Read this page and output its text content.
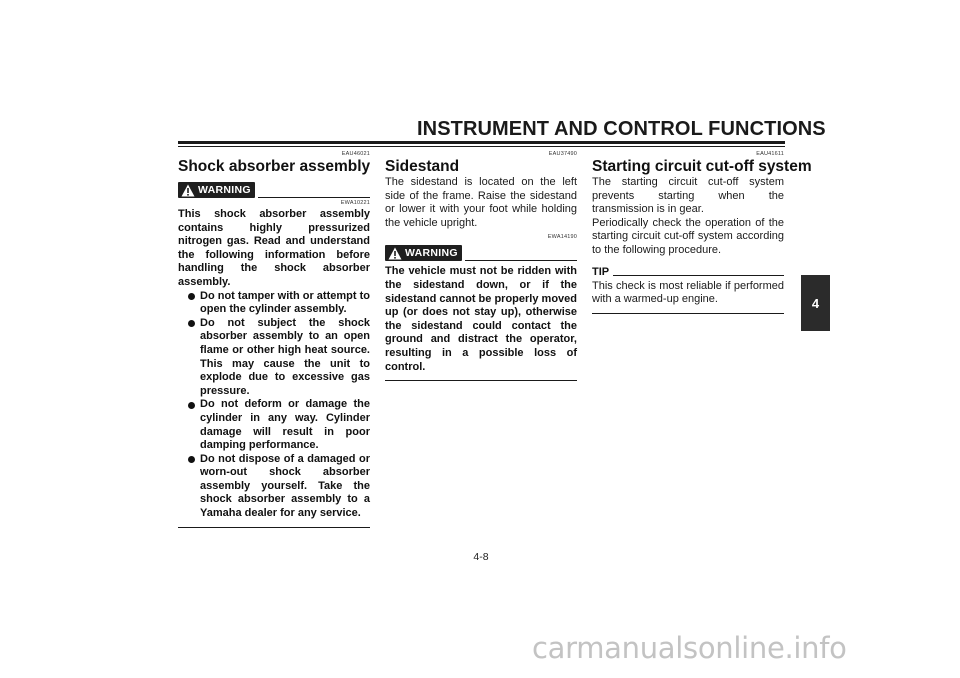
INSTRUMENT AND CONTROL FUNCTIONS
4
EAU46021
Shock absorber assembly
WARNING
EWA10221

This shock absorber assembly contains highly pressurized nitrogen gas. Read and understand the following information before handling the shock absorber assembly.

Do not tamper with or attempt to open the cylinder assembly.
Do not subject the shock absorber assembly to an open flame or other high heat source. This may cause the unit to explode due to excessive gas pressure.
Do not deform or damage the cylinder in any way. Cylinder damage will result in poor damping performance.
Do not dispose of a damaged or worn-out shock absorber assembly yourself. Take the shock absorber assembly to a Yamaha dealer for any service.
EAU37490
Sidestand

The sidestand is located on the left side of the frame. Raise the sidestand or lower it with your foot while holding the vehicle upright.

EWA14190
WARNING

The vehicle must not be ridden with the sidestand down, or if the sidestand cannot be properly moved up (or does not stay up), otherwise the sidestand could contact the ground and distract the operator, resulting in a possible loss of control.

EAU41611
Starting circuit cut-off system

The starting circuit cut-off system prevents starting when the transmission is in gear.

Periodically check the operation of the starting circuit cut-off system according to the following procedure.

TIP

This check is most reliable if performed with a warmed-up engine.

4-8
carmanualsonline.info
